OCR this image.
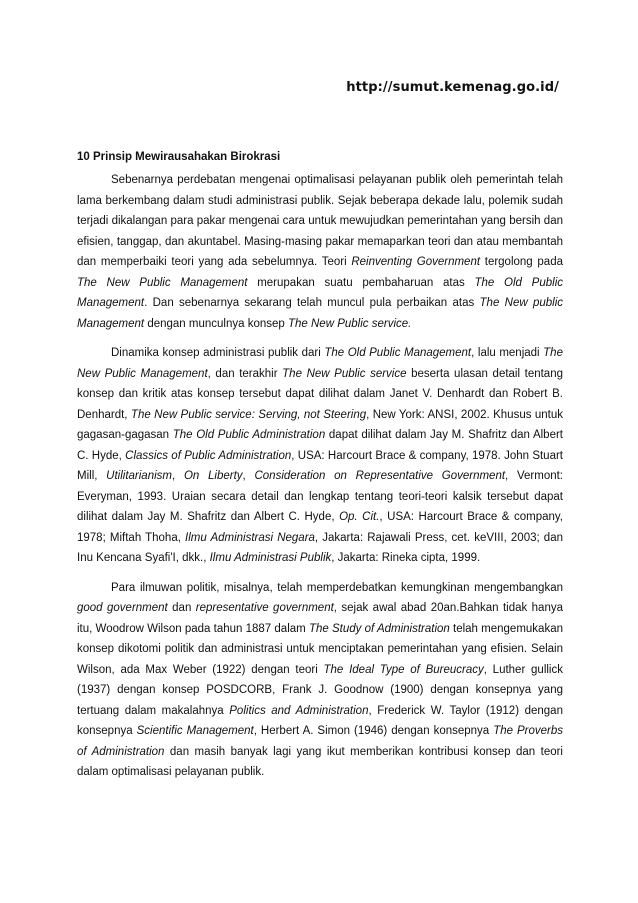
http://sumut.kemenag.go.id/
10 Prinsip Mewirausahakan Birokrasi

Sebenarnya perdebatan mengenai optimalisasi pelayanan publik oleh pemerintah telah lama berkembang dalam studi administrasi publik. Sejak beberapa dekade lalu, polemik sudah terjadi dikalangan para pakar mengenai cara untuk mewujudkan pemerintahan yang bersih dan efisien, tanggap, dan akuntabel. Masing-masing pakar memaparkan teori dan atau membantah dan memperbaiki teori yang ada sebelumnya. Teori Reinventing Government tergolong pada The New Public Management merupakan suatu pembaharuan atas The Old Public Management. Dan sebenarnya sekarang telah muncul pula perbaikan atas The New public Management dengan munculnya konsep The New Public service.

Dinamika konsep administrasi publik dari The Old Public Management, lalu menjadi The New Public Management, dan terakhir The New Public service beserta ulasan detail tentang konsep dan kritik atas konsep tersebut dapat dilihat dalam Janet V. Denhardt dan Robert B. Denhardt, The New Public service: Serving, not Steering, New York: ANSI, 2002. Khusus untuk gagasan-gagasan The Old Public Administration dapat dilihat dalam Jay M. Shafritz dan Albert C. Hyde, Classics of Public Administration, USA: Harcourt Brace & company, 1978. John Stuart Mill, Utilitarianism, On Liberty, Consideration on Representative Government, Vermont: Everyman, 1993. Uraian secara detail dan lengkap tentang teori-teori kalsik tersebut dapat dilihat dalam Jay M. Shafritz dan Albert C. Hyde, Op. Cit., USA: Harcourt Brace & company, 1978; Miftah Thoha, Ilmu Administrasi Negara, Jakarta: Rajawali Press, cet. keVIII, 2003; dan Inu Kencana Syafi'I, dkk., Ilmu Administrasi Publik, Jakarta: Rineka cipta, 1999.

Para ilmuwan politik, misalnya, telah memperdebatkan kemungkinan mengembangkan good government dan representative government, sejak awal abad 20an.Bahkan tidak hanya itu, Woodrow Wilson pada tahun 1887 dalam The Study of Administration telah mengemukakan konsep dikotomi politik dan administrasi untuk menciptakan pemerintahan yang efisien. Selain Wilson, ada Max Weber (1922) dengan teori The Ideal Type of Bureucracy, Luther gullick (1937) dengan konsep POSDCORB, Frank J. Goodnow (1900) dengan konsepnya yang tertuang dalam makalahnya Politics and Administration, Frederick W. Taylor (1912) dengan konsepnya Scientific Management, Herbert A. Simon (1946) dengan konsepnya The Proverbs of Administration dan masih banyak lagi yang ikut memberikan kontribusi konsep dan teori dalam optimalisasi pelayanan publik.
